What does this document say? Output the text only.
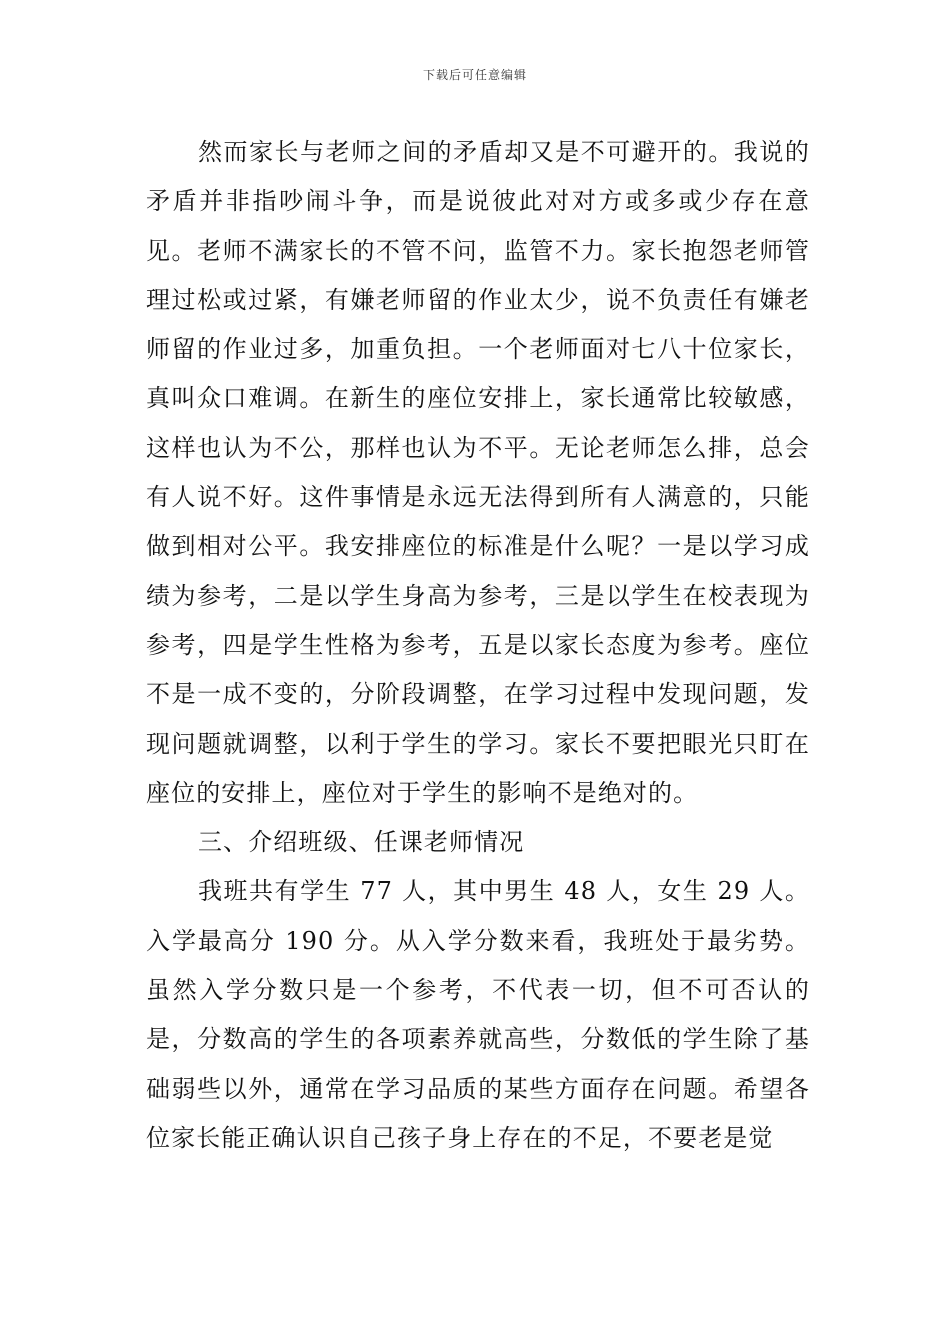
下载后可任意编辑

然而家长与老师之间的矛盾却又是不可避开的。我说的矛盾并非指吵闹斗争，而是说彼此对对方或多或少存在意见。老师不满家长的不管不问，监管不力。家长抱怨老师管理过松或过紧，有嫌老师留的作业太少，说不负责任有嫌老师留的作业过多，加重负担。一个老师面对七八十位家长，真叫众口难调。在新生的座位安排上，家长通常比较敏感，这样也认为不公，那样也认为不平。无论老师怎么排，总会有人说不好。这件事情是永远无法得到所有人满意的，只能做到相对公平。我安排座位的标准是什么呢？一是以学习成绩为参考，二是以学生身高为参考，三是以学生在校表现为参考，四是学生性格为参考，五是以家长态度为参考。座位不是一成不变的，分阶段调整，在学习过程中发现问题，发现问题就调整，以利于学生的学习。家长不要把眼光只盯在座位的安排上，座位对于学生的影响不是绝对的。

三、介绍班级、任课老师情况

我班共有学生 77 人，其中男生 48 人，女生 29 人。入学最高分 190 分。从入学分数来看，我班处于最劣势。虽然入学分数只是一个参考，不代表一切，但不可否认的是，分数高的学生的各项素养就高些，分数低的学生除了基础弱些以外，通常在学习品质的某些方面存在问题。希望各位家长能正确认识自己孩子身上存在的不足，不要老是觉
